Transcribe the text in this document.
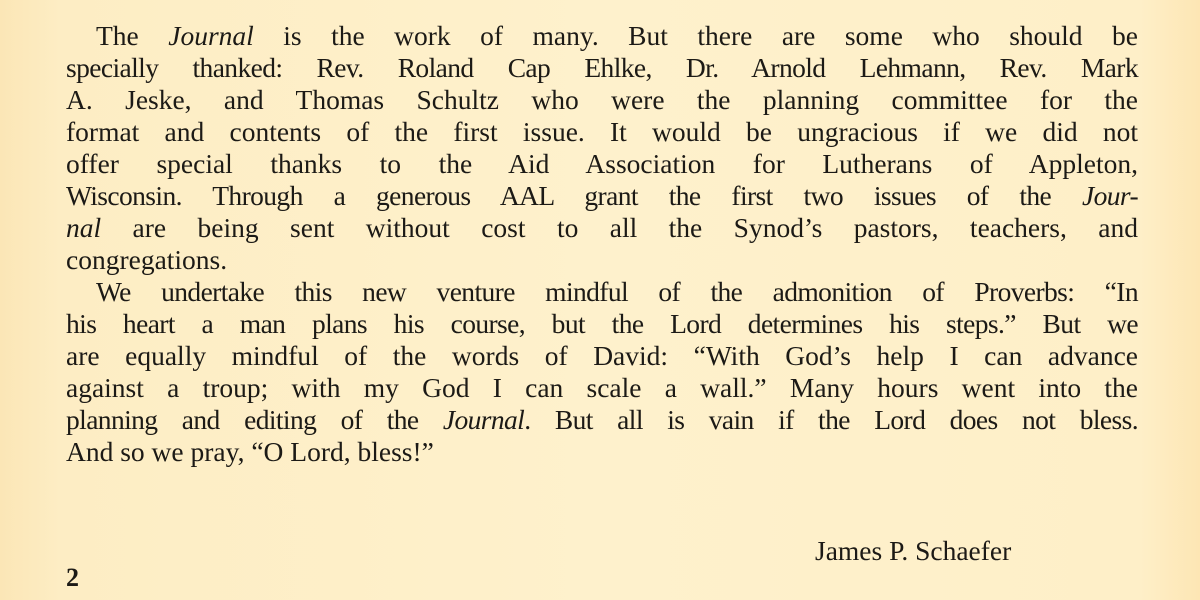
The Journal is the work of many. But there are some who should be
specially thanked: Rev. Roland Cap Ehlke, Dr. Arnold Lehmann, Rev. Mark
A. Jeske, and Thomas Schultz who were the planning committee for the
format and contents of the first issue. It would be ungracious if we did not
offer special thanks to the Aid Association for Lutherans of Appleton,
Wisconsin. Through a generous AAL grant the first two issues of the Jour-
nal are being sent without cost to all the Synod’s pastors, teachers, and
congregations.
We undertake this new venture mindful of the admonition of Proverbs: “In
his heart a man plans his course, but the Lord determines his steps.” But we
are equally mindful of the words of David: “With God’s help I can advance
against a troup; with my God I can scale a wall.” Many hours went into the
planning and editing of the Journal. But all is vain if the Lord does not bless.
And so we pray, “O Lord, bless!”
James P. Schaefer
2
